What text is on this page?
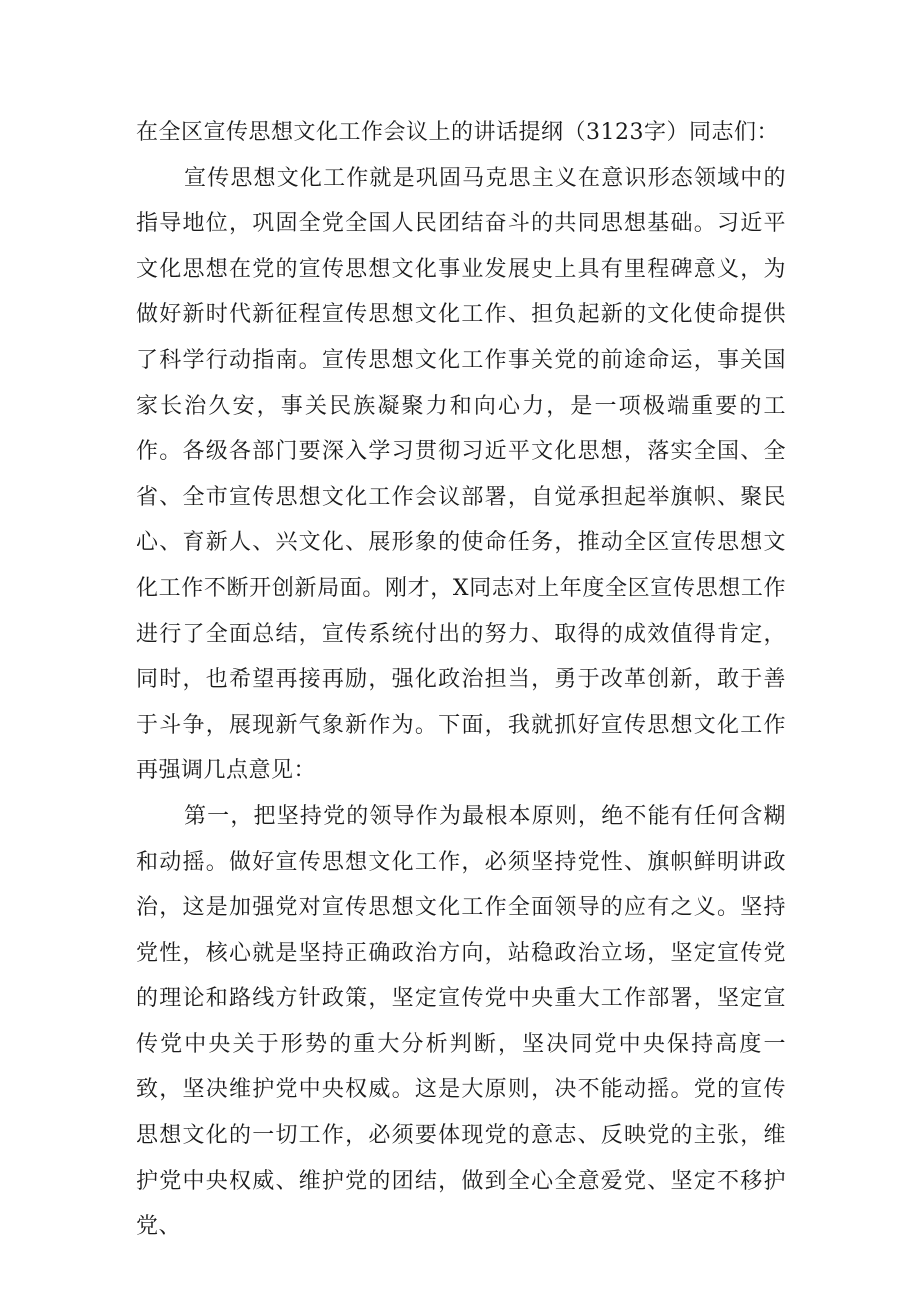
在全区宣传思想文化工作会议上的讲话提纲（3123字）同志们：

宣传思想文化工作就是巩固马克思主义在意识形态领域中的指导地位，巩固全党全国人民团结奋斗的共同思想基础。习近平文化思想在党的宣传思想文化事业发展史上具有里程碑意义，为做好新时代新征程宣传思想文化工作、担负起新的文化使命提供了科学行动指南。宣传思想文化工作事关党的前途命运，事关国家长治久安，事关民族凝聚力和向心力，是一项极端重要的工作。各级各部门要深入学习贯彻习近平文化思想，落实全国、全省、全市宣传思想文化工作会议部署，自觉承担起举旗帜、聚民心、育新人、兴文化、展形象的使命任务，推动全区宣传思想文化工作不断开创新局面。刚才，X同志对上年度全区宣传思想工作进行了全面总结，宣传系统付出的努力、取得的成效值得肯定，同时，也希望再接再励，强化政治担当，勇于改革创新，敢于善于斗争，展现新气象新作为。下面，我就抓好宣传思想文化工作再强调几点意见：

第一，把坚持党的领导作为最根本原则，绝不能有任何含糊和动摇。做好宣传思想文化工作，必须坚持党性、旗帜鲜明讲政治，这是加强党对宣传思想文化工作全面领导的应有之义。坚持党性，核心就是坚持正确政治方向，站稳政治立场，坚定宣传党的理论和路线方针政策，坚定宣传党中央重大工作部署，坚定宣传党中央关于形势的重大分析判断，坚决同党中央保持高度一致，坚决维护党中央权威。这是大原则，决不能动摇。党的宣传思想文化的一切工作，必须要体现党的意志、反映党的主张，维护党中央权威、维护党的团结，做到全心全意爱党、坚定不移护党、
